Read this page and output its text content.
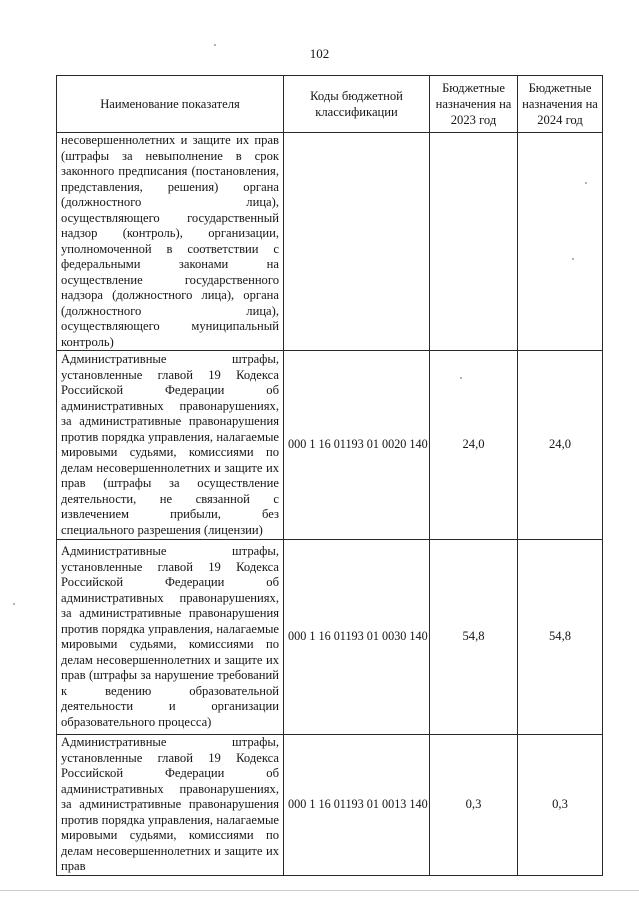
102
Наименование показателя	Коды бюджетной классификации	Бюджетные назначения на 2023 год	Бюджетные назначения на 2024 год
несовершеннолетних и защите их прав (штрафы за невыполнение в срок законного предписания (постановления, представления, решения) органа (должностного лица), осуществляющего государственный надзор (контроль), организации, уполномоченной в соответствии с федеральными законами на осуществление государственного надзора (должностного лица), органа (должностного лица), осуществляющего муниципальный контроль)			
Административные штрафы, установленные главой 19 Кодекса Российской Федерации об административных правонарушениях, за административные правонарушения против порядка управления, налагаемые мировыми судьями, комиссиями по делам несовершеннолетних и защите их прав (штрафы за осуществление деятельности, не связанной с извлечением прибыли, без специального разрешения (лицензии)	000 1 16 01193 01 0020 140	24,0	24,0
Административные штрафы, установленные главой 19 Кодекса Российской Федерации об административных правонарушениях, за административные правонарушения против порядка управления, налагаемые мировыми судьями, комиссиями по делам несовершеннолетних и защите их прав (штрафы за нарушение требований к ведению образовательной деятельности и организации образовательного процесса)	000 1 16 01193 01 0030 140	54,8	54,8
Административные штрафы, установленные главой 19 Кодекса Российской Федерации об административных правонарушениях, за административные правонарушения против порядка управления, налагаемые мировыми судьями, комиссиями по делам несовершеннолетних и защите их прав	000 1 16 01193 01 0013 140	0,3	0,3
